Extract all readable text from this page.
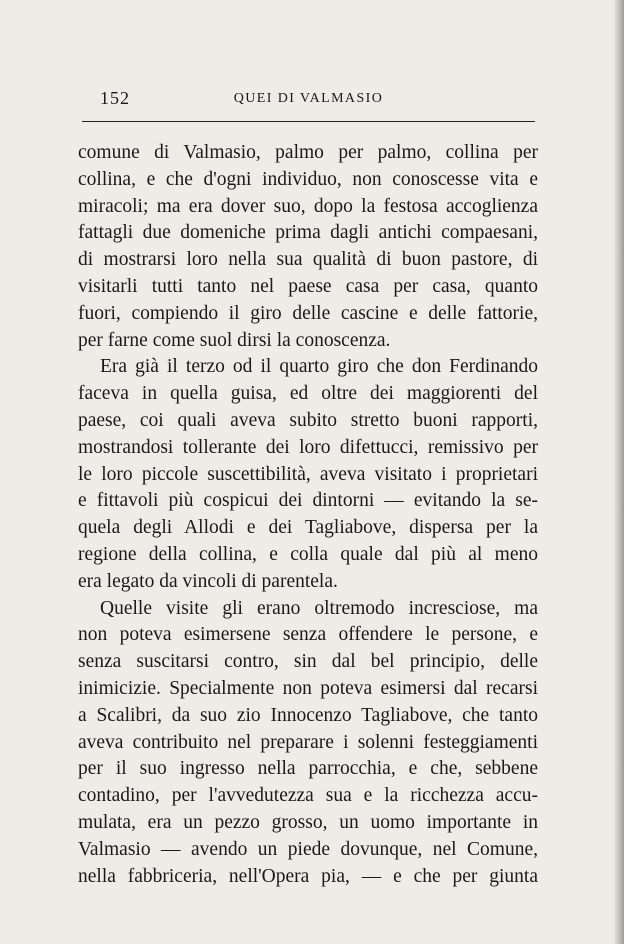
152	QUEI DI VALMASIO
comune di Valmasio, palmo per palmo, collina per
collina, e che d'ogni individuo, non conoscesse vita e
miracoli; ma era dover suo, dopo la festosa accoglienza
fattagli due domeniche prima dagli antichi compaesani,
di mostrarsi loro nella sua qualità di buon pastore, di
visitarli tutti tanto nel paese casa per casa, quanto
fuori, compiendo il giro delle cascine e delle fattorie,
per farne come suol dirsi la conoscenza.
Era già il terzo od il quarto giro che don Ferdinando
faceva in quella guisa, ed oltre dei maggiorenti del
paese, coi quali aveva subito stretto buoni rapporti,
mostrandosi tollerante dei loro difettucci, remissivo per
le loro piccole suscettibilità, aveva visitato i proprietari
e fittavoli più cospicui dei dintorni — evitando la se-
quela degli Allodi e dei Tagliabove, dispersa per la
regione della collina, e colla quale dal più al meno
era legato da vincoli di parentela.
Quelle visite gli erano oltremodo incresciose, ma
non poteva esimersene senza offendere le persone, e
senza suscitarsi contro, sin dal bel principio, delle
inimicizie. Specialmente non poteva esimersi dal recarsi
a Scalibri, da suo zio Innocenzo Tagliabove, che tanto
aveva contribuito nel preparare i solenni festeggiamenti
per il suo ingresso nella parrocchia, e che, sebbene
contadino, per l'avvedutezza sua e la ricchezza accu-
mulata, era un pezzo grosso, un uomo importante in
Valmasio — avendo un piede dovunque, nel Comune,
nella fabbriceria, nell'Opera pia, — e che per giunta
